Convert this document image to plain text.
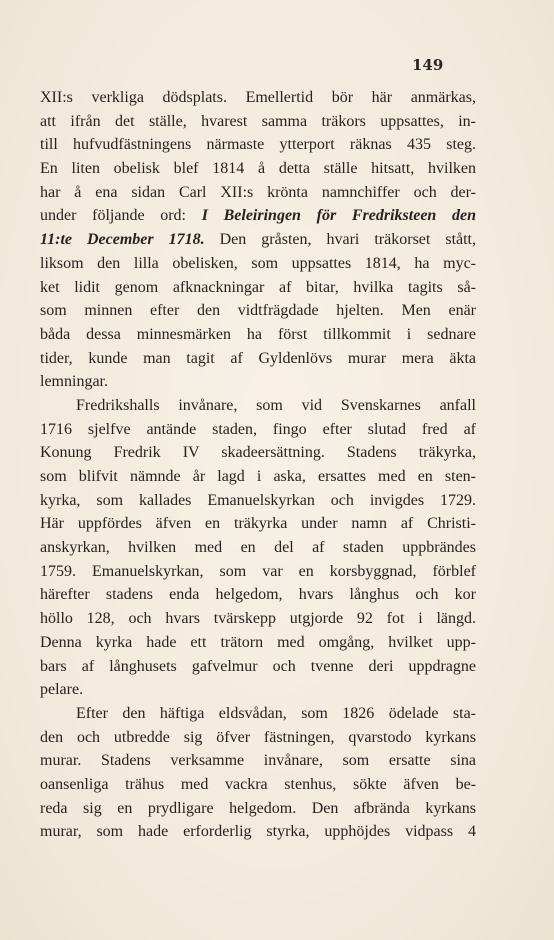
149
XII:s verkliga dödsplats. Emellertid bör här anmärkas,
att ifrån det ställe, hvarest samma träkors uppsattes, in-
till hufvudfästningens närmaste ytterport räknas 435 steg.
En liten obelisk blef 1814 å detta ställe hitsatt, hvilken
har å ena sidan Carl XII:s krönta namnchiffer och der-
under följande ord: I Beleiringen för Fredriksteen den
11:te December 1718. Den gråsten, hvari träkorset stått,
liksom den lilla obelisken, som uppsattes 1814, ha myc-
ket lidit genom afknackningar af bitar, hvilka tagits så-
som minnen efter den vidtfrägdade hjelten. Men enär
båda dessa minnesmärken ha först tillkommit i sednare
tider, kunde man tagit af Gyldenlövs murar mera äkta
lemningar.
Fredrikshalls invånare, som vid Svenskarnes anfall
1716 sjelfve antände staden, fingo efter slutad fred af
Konung Fredrik IV skadeersättning. Stadens träkyrka,
som blifvit nämnde år lagd i aska, ersattes med en sten-
kyrka, som kallades Emanuelskyrkan och invigdes 1729.
Här uppfördes äfven en träkyrka under namn af Christi-
anskyrkan, hvilken med en del af staden uppbrändes
1759. Emanuelskyrkan, som var en korsbyggnad, förblef
härefter stadens enda helgedom, hvars långhus och kor
höllo 128, och hvars tvärskepp utgjorde 92 fot i längd.
Denna kyrka hade ett trätorn med omgång, hvilket upp-
bars af långhusets gafvelmur och tvenne deri uppdragne
pelare.
Efter den häftiga eldsvådan, som 1826 ödelade sta-
den och utbredde sig öfver fästningen, qvarstodo kyrkans
murar. Stadens verksamme invånare, som ersatte sina
oansenliga trähus med vackra stenhus, sökte äfven be-
reda sig en prydligare helgedom. Den afbrända kyrkans
murar, som hade erforderlig styrka, upphöjdes vidpass 4
